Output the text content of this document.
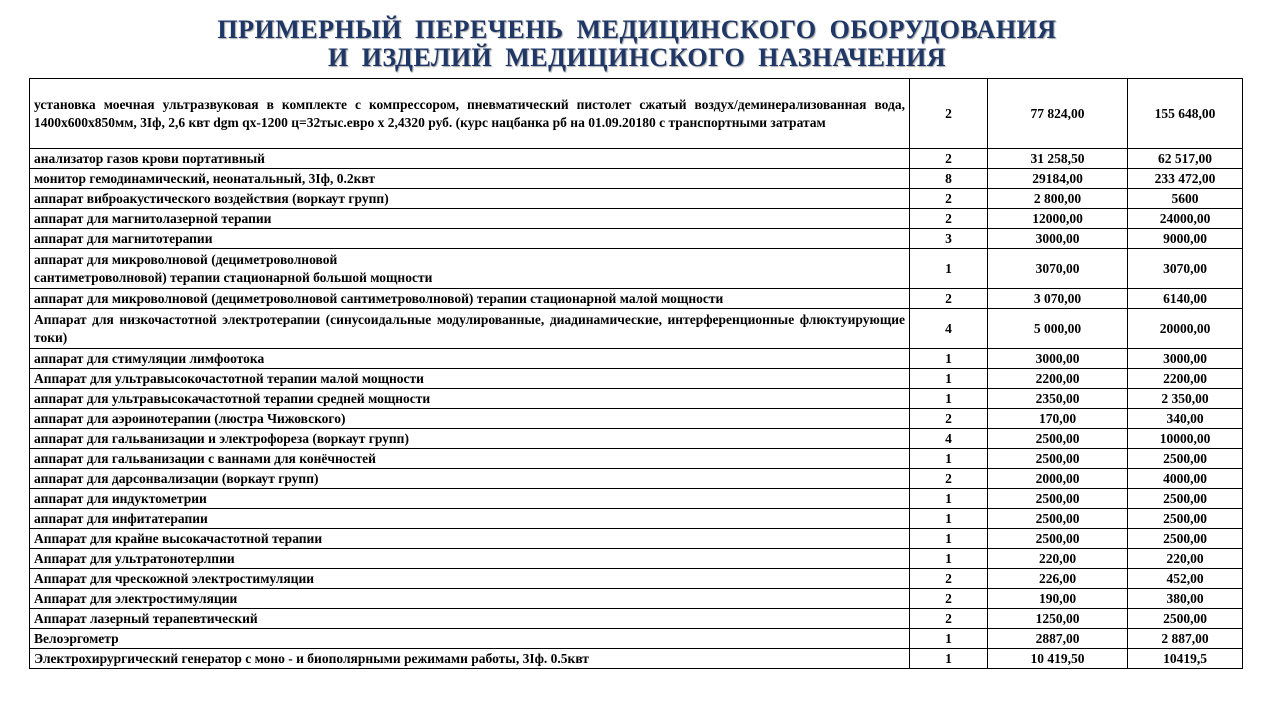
ПРИМЕРНЫЙ ПЕРЕЧЕНЬ МЕДИЦИНСКОГО ОБОРУДОВАНИЯ
И ИЗДЕЛИЙ МЕДИЦИНСКОГО НАЗНАЧЕНИЯ
установка моечная ультразвуковая в комплекте с компрессором, пневматический пистолет сжатый воздух/деминерализованная вода, 1400х600х850мм, 3Iф, 2,6 квт dgm qx-1200 ц=32тыс.евро х 2,4320 руб. (курс нацбанка рб на 01.09.20180 с транспортными затратам	2	77 824,00	155 648,00
анализатор газов крови портативный	2	31 258,50	62 517,00
монитор гемодинамический, неонатальный, 3Iф, 0.2квт	8	29184,00	233 472,00
аппарат виброакустического воздействия (воркаут групп)	2	2 800,00	5600
аппарат для магнитолазерной терапии	2	12000,00	24000,00
аппарат для магнитотерапии	3	3000,00	9000,00

аппарат для микроволновой (дециметроволновой
сантиметроволновой) терапии стационарной большой мощности	1	3070,00	3070,00
аппарат для микроволновой (дециметроволновой сантиметроволновой) терапии стационарной малой мощности	2	3 070,00	6140,00
Аппарат для низкочастотной электротерапии (синусоидальные модулированные, диадинамические, интерференционные флюктуирующие токи)	4	5 000,00	20000,00
аппарат для стимуляции лимфоотока	1	3000,00	3000,00
Аппарат для ультравысокочастотной терапии малой мощности	1	2200,00	2200,00
аппарат для ультравысокачастотной терапии средней мощности	1	2350,00	2 350,00
аппарат для аэроинотерапии (люстра Чижовского)	2	170,00	340,00
аппарат для гальванизации и электрофореза (воркаут групп)	4	2500,00	10000,00
аппарат для гальванизации с ваннами для конёчностей	1	2500,00	2500,00
аппарат для дарсонвализации (воркаут групп)	2	2000,00	4000,00
аппарат для индуктометрии	1	2500,00	2500,00
аппарат для инфитатерапии	1	2500,00	2500,00
Аппарат для крайне высокачастотной терапии	1	2500,00	2500,00
Аппарат для ультратонотерлпии	1	220,00	220,00
Аппарат для чрескожной электростимуляции	2	226,00	452,00
Аппарат для электростимуляции	2	190,00	380,00
Аппарат лазерный терапевтический	2	1250,00	2500,00
Велоэргометр	1	2887,00	2 887,00
Электрохирургический генератор с моно - и биополярными режимами работы, 3Iф. 0.5квт	1	10 419,50	10419,5
